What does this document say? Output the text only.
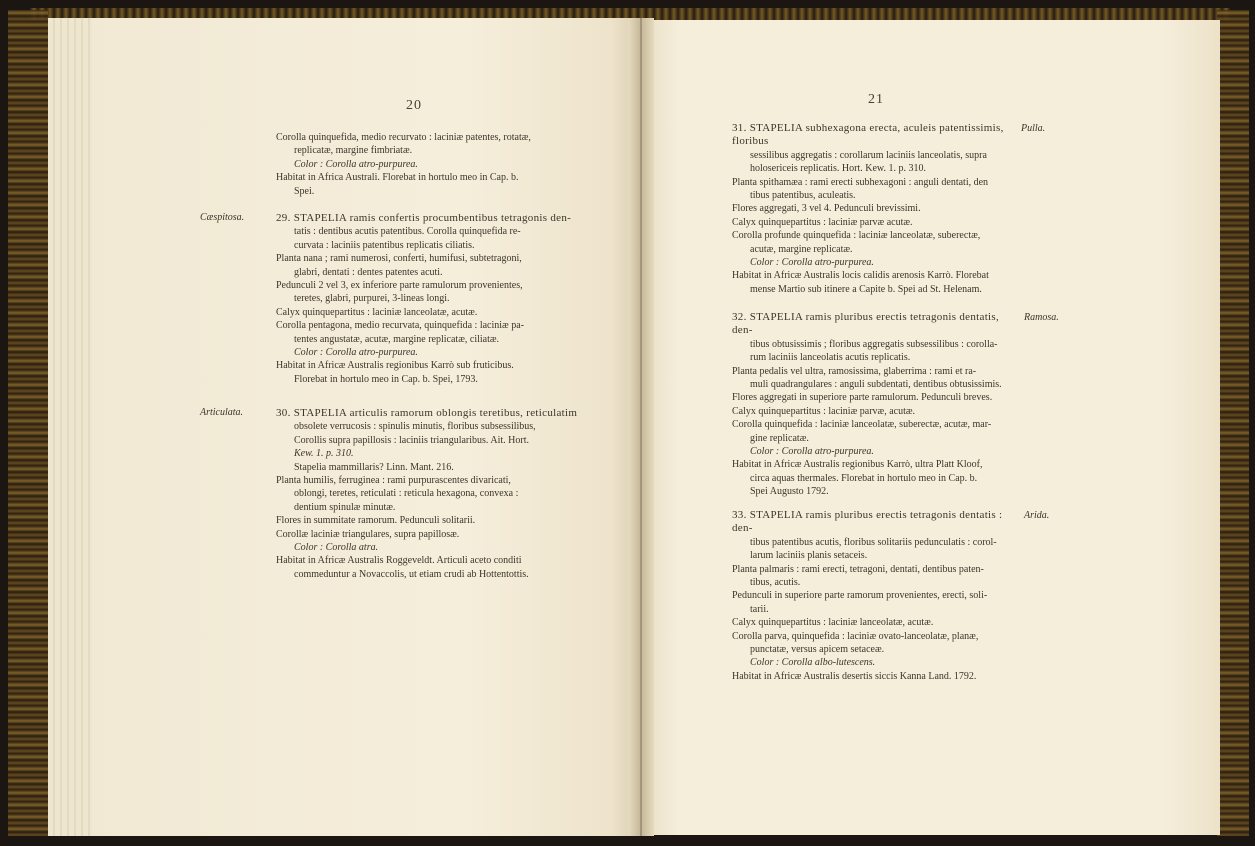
20

Corolla quinquefida, medio recurvato : laciniæ patentes, rotatæ,

replicatæ, margine fimbriatæ.

Color : Corolla atro-purpurea.

Habitat in Africa Australi. Florebat in hortulo meo in Cap. b.

Spei.

Cæspitosa.	29. STAPELIA ramis confertis procumbentibus tetragonis den-

tatis : dentibus acutis patentibus. Corolla quinquefida re-

curvata : laciniis patentibus replicatis ciliatis.

Planta nana ; rami numerosi, conferti, humifusi, subtetragoni,

glabri, dentati : dentes patentes acuti.

Pedunculi 2 vel 3, ex inferiore parte ramulorum provenientes,

teretes, glabri, purpurei, 3-lineas longi.

Calyx quinquepartitus : laciniæ lanceolatæ, acutæ.

Corolla pentagona, medio recurvata, quinquefida : laciniæ pa-

tentes angustatæ, acutæ, margine replicatæ, ciliatæ.

Color : Corolla atro-purpurea.

Habitat in Africæ Australis regionibus Karrò sub fruticibus.

Florebat in hortulo meo in Cap. b. Spei, 1793.

Articulata.	30. STAPELIA articulis ramorum oblongis teretibus, reticulatim

obsolete verrucosis : spinulis minutis, floribus subsessilibus,

Corollis supra papillosis : laciniis triangularibus. Ait. Hort.

Kew. 1. p. 310.

Stapelia mammillaris? Linn. Mant. 216.

Planta humilis, ferruginea : rami purpurascentes divaricati,

oblongi, teretes, reticulati : reticula hexagona, convexa :

dentium spinulæ minutæ.

Flores in summitate ramorum. Pedunculi solitarii.

Corollæ laciniæ triangulares, supra papillosæ.

Color : Corolla atra.

Habitat in Africæ Australis Roggeveldt. Articuli aceto conditi

commeduntur a Novaccolis, ut etiam crudi ab Hottentottis.

21
Pulla.

31. STAPELIA subhexagona erecta, aculeis patentissimis, floribus

sessilibus aggregatis : corollarum laciniis lanceolatis, supra

holosericeis replicatis. Hort. Kew. 1. p. 310.

Planta spithamæa : rami erecti subhexagoni : anguli dentati, den

tibus patentibus, aculeatis.

Flores aggregati, 3 vel 4. Pedunculi brevissimi.

Calyx quinquepartitus : laciniæ parvæ acutæ.

Corolla profunde quinquefida : laciniæ lanceolatæ, suberectæ,

acutæ, margine replicatæ.

Color : Corolla atro-purpurea.

Habitat in Africæ Australis locis calidis arenosis Karrò. Florebat

mense Martio sub itinere a Capite b. Spei ad St. Helenam.

Ramosa.

32. STAPELIA ramis pluribus erectis tetragonis dentatis, den-

tibus obtusissimis ; floribus aggregatis subsessilibus : corolla-

rum laciniis lanceolatis acutis replicatis.

Planta pedalis vel ultra, ramosissima, glaberrima : rami et ra-

muli quadrangulares : anguli subdentati, dentibus obtusissimis.

Flores aggregati in superiore parte ramulorum. Pedunculi breves.

Calyx quinquepartitus : laciniæ parvæ, acutæ.

Corolla quinquefida : laciniæ lanceolatæ, suberectæ, acutæ, mar-

gine replicatæ.

Color : Corolla atro-purpurea.

Habitat in Africæ Australis regionibus Karrò, ultra Platt Kloof,

circa aquas thermales. Florebat in hortulo meo in Cap. b.

Spei Augusto 1792.

Arida.

33. STAPELIA ramis pluribus erectis tetragonis dentatis : den-

tibus patentibus acutis, floribus solitariis pedunculatis : corol-

larum laciniis planis setaceis.

Planta palmaris : rami erecti, tetragoni, dentati, dentibus paten-

tibus, acutis.

Pedunculi in superiore parte ramorum provenientes, erecti, soli-

tarii.

Calyx quinquepartitus : laciniæ lanceolatæ, acutæ.

Corolla parva, quinquefida : laciniæ ovato-lanceolatæ, planæ,

punctatæ, versus apicem setaceæ.

Color : Corolla albo-lutescens.

Habitat in Africæ Australis desertis siccis Kanna Land. 1792.
